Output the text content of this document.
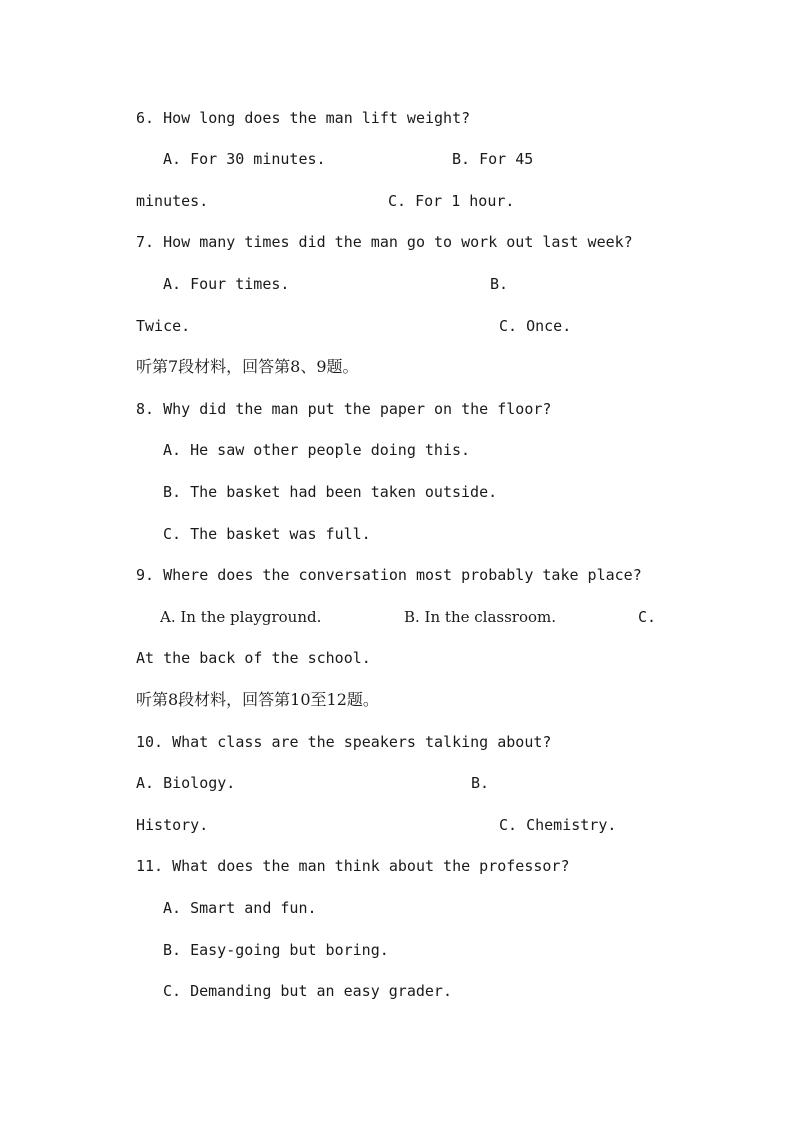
6. How long does the man lift weight?
A. For 30 minutes.	B. For 45
minutes.	C. For 1 hour.
7. How many times did the man go to work out last week?
A. Four times.	B.
Twice.	C. Once.
听第7段材料，回答第8、9题。
8. Why did the man put the paper on the floor?
A. He saw other people doing this.
B. The basket had been taken outside.
C. The basket was full.
9. Where does the conversation most probably take place?
A. In the playground.	B. In the classroom.	C.
At the back of the school.
听第8段材料，回答第10至12题。
10. What class are the speakers talking about?
A. Biology.	B.
History.	C. Chemistry.
11. What does the man think about the professor?
A. Smart and fun.
B. Easy-going but boring.
C. Demanding but an easy grader.
